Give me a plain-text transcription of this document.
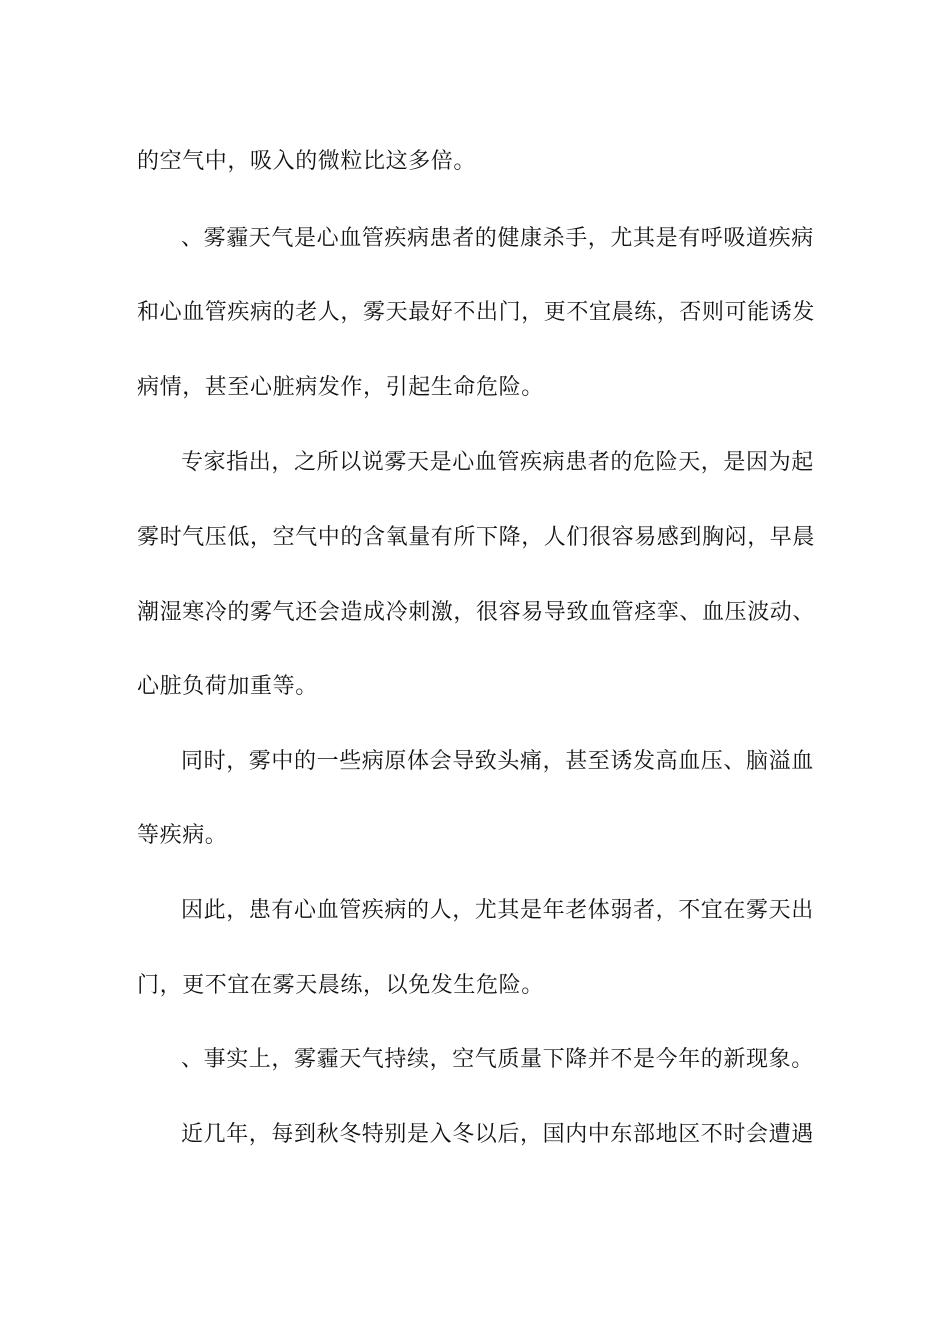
的空气中，吸入的微粒比这多倍。
、雾霾天气是心血管疾病患者的健康杀手，尤其是有呼吸道疾病
和心血管疾病的老人，雾天最好不出门，更不宜晨练，否则可能诱发
病情，甚至心脏病发作，引起生命危险。
专家指出，之所以说雾天是心血管疾病患者的危险天，是因为起
雾时气压低，空气中的含氧量有所下降，人们很容易感到胸闷，早晨
潮湿寒冷的雾气还会造成冷刺激，很容易导致血管痉挛、血压波动、
心脏负荷加重等。
同时，雾中的一些病原体会导致头痛，甚至诱发高血压、脑溢血
等疾病。
因此，患有心血管疾病的人，尤其是年老体弱者，不宜在雾天出
门，更不宜在雾天晨练，以免发生危险。
、事实上，雾霾天气持续，空气质量下降并不是今年的新现象。
近几年，每到秋冬特别是入冬以后，国内中东部地区不时会遭遇
